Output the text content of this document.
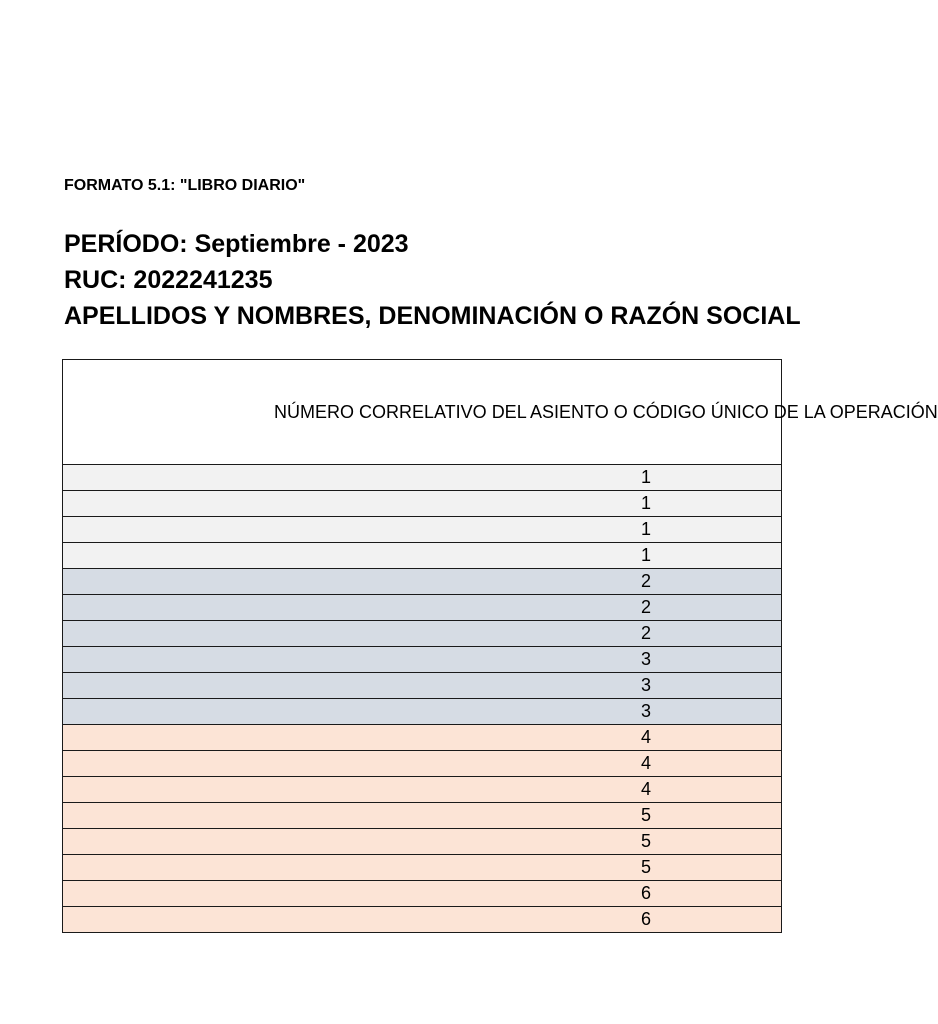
FORMATO 5.1: "LIBRO DIARIO"

PERÍODO: Septiembre - 2023

RUC: 2022241235

APELLIDOS Y NOMBRES, DENOMINACIÓN O RAZÓN SOCIAL

NÚMERO CORRELATIVO DEL ASIENTO O CÓDIGO ÚNICO DE LA OPERACIÓN
1
1
1
1
2
2
2
3
3
3
4
4
4
5
5
5
6
6
